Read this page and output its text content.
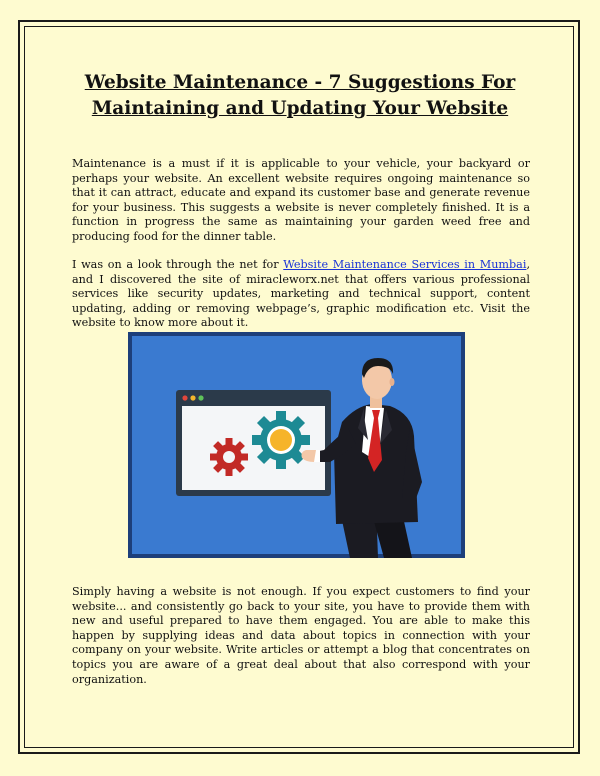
Website Maintenance - 7 Suggestions For Maintaining and Updating Your Website

Maintenance is a must if it is applicable to your vehicle, your backyard or perhaps your website. An excellent website requires ongoing maintenance so that it can attract, educate and expand its customer base and generate revenue for your business. This suggests a website is never completely finished. It is a function in progress the same as maintaining your garden weed free and producing food for the dinner table.

I was on a look through the net for Website Maintenance Services in Mumbai, and I discovered the site of miracleworx.net that offers various professional services like security updates, marketing and technical support, content updating, adding or removing webpage’s, graphic modification etc. Visit the website to know more about it.

Simply having a website is not enough. If you expect customers to find your website... and consistently go back to your site, you have to provide them with new and useful prepared to have them engaged. You are able to make this happen by supplying ideas and data about topics in connection with your company on your website. Write articles or attempt a blog that concentrates on topics you are aware of a great deal about that also correspond with your organization.
